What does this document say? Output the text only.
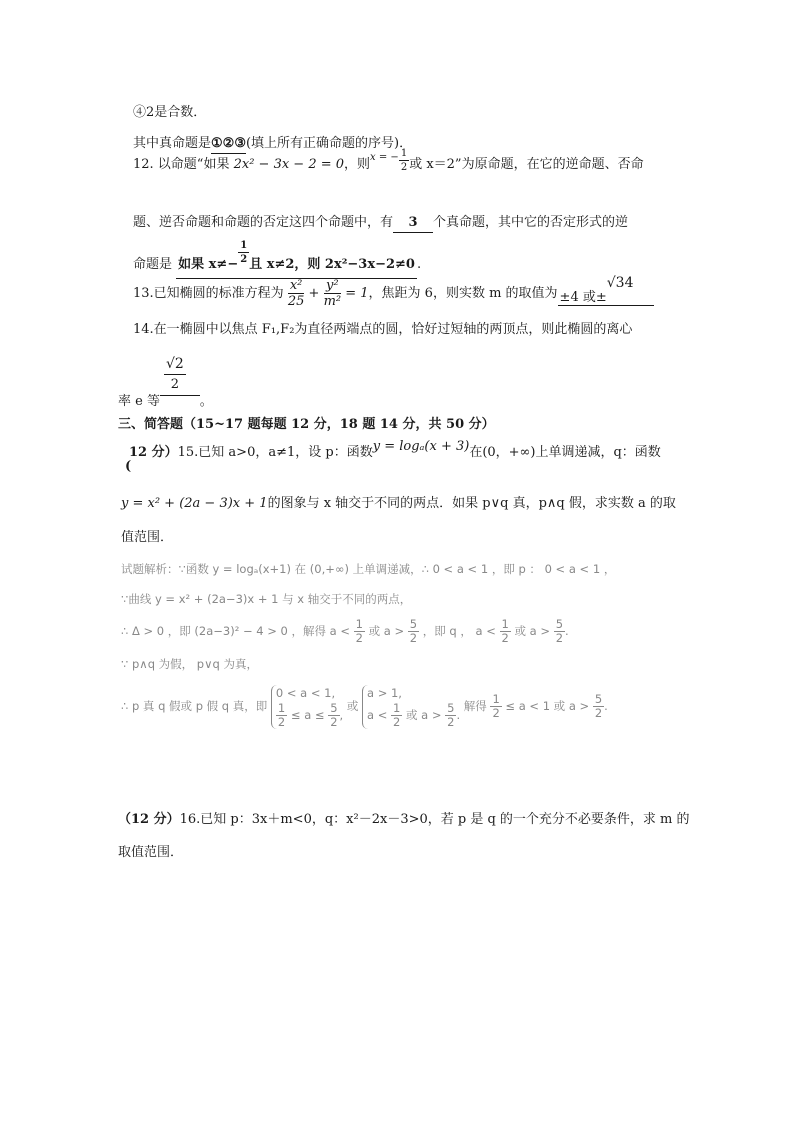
④2是合数．
其中真命题是①②③(填上所有正确命题的序号)．
12. 以命题“如果 2x² − 3x − 2 = 0，则$^{x = -} \frac{1}{2}$ 或 x＝2”为原命题，在它的逆命题、否命
题、逆否命题和命题的否定这四个命题中，有 3 个真命题，其中它的否定形式的逆
命题是 如果 $x\ne- \frac{1}{2}$ 且 x≠2，则 2x²−3x−2≠0 .
13.已知椭圆的标准方程为 $\frac{\text{x²}}{25} + \frac{\text{y²}}{\text{m²}} = 1$，焦距为 6，则实数 m 的取值为 ±4 或±√34
14.在一椭圆中以焦点 F₁,F₂为直径两端点的圆，恰好过短轴的两顶点，则此椭圆的离心
率 e 等
$\frac{√2}{2}$
。
三、简答题（15~17 题每题 12 分，18 题 14 分，共 50 分）
12 分）15.已知 a>0，a≠1，设 p：函数y = logₐ(x + 3)在(0，+∞)上单调递减，q：函数
(
y = x² + (2a − 3)x + 1的图象与 x 轴交于不同的两点．如果 p∨q 真，p∧q 假，求实数 a 的取
值范围．
试题解析：∵函数 y = logₐ(x+1) 在 (0,+∞) 上单调递减，∴ 0 < a < 1 ，即 p ： 0 < a < 1 ，
∵曲线 y = x² + (2a−3)x + 1 与 x 轴交于不同的两点，
∴ Δ > 0 ，即 (2a−3)² − 4 > 0 ，解得 $a < \frac{1}{2}$ 或 $a > \frac{5}{2}$ ，即 q ， $a < \frac{1}{2}$ 或 $a > \frac{5}{2}$ .
∵ p∧q 为假， p∨q 为真，
∴ p 真 q 假或 p 假 q 真，即
0 < a < 1,
$\frac{1}{2} \le a \le \frac{5}{2}$ ,
或
a > 1,
$a < \frac{1}{2}$ 或 $a > \frac{5}{2}$ .
解得 $\frac{1}{2} \le a < 1$ 或 $a > \frac{5}{2}$ .
（12 分）16.已知 p：3x＋m<0，q：x²－2x－3>0，若 p 是 q 的一个充分不必要条件，求 m 的
取值范围．
